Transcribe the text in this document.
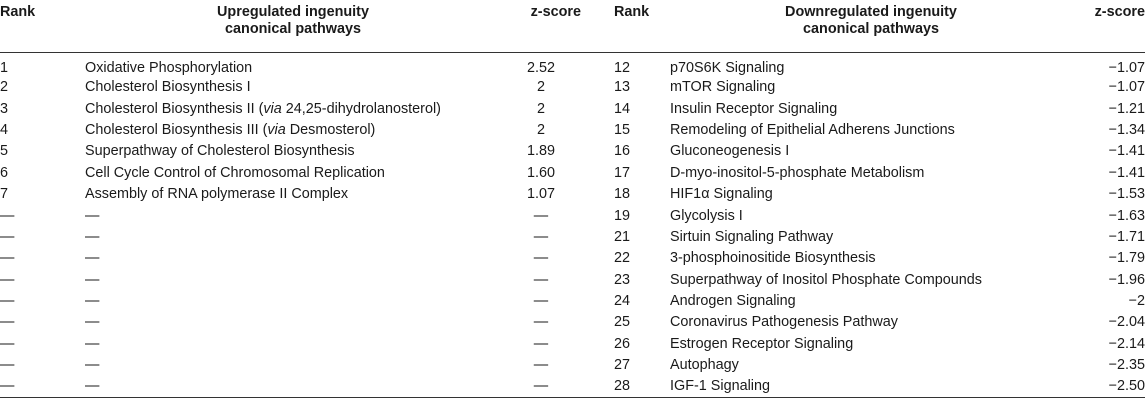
Rank	Upregulated ingenuity
canonical pathways	z-score		Rank	Downregulated ingenuity
canonical pathways	z-score
1	Oxidative Phosphorylation	2.52		12	p70S6K Signaling	−1.07
2	Cholesterol Biosynthesis I	2		13	mTOR Signaling	−1.07
3	Cholesterol Biosynthesis II (via 24,25-dihydrolanosterol)	2		14	Insulin Receptor Signaling	−1.21
4	Cholesterol Biosynthesis III (via Desmosterol)	2		15	Remodeling of Epithelial Adherens Junctions	−1.34
5	Superpathway of Cholesterol Biosynthesis	1.89		16	Gluconeogenesis I	−1.41
6	Cell Cycle Control of Chromosomal Replication	1.60		17	D-myo-inositol-5-phosphate Metabolism	−1.41
7	Assembly of RNA polymerase II Complex	1.07		18	HIF1α Signaling	−1.53
—	—	—		19	Glycolysis I	−1.63
—	—	—		21	Sirtuin Signaling Pathway	−1.71
—	—	—		22	3-phosphoinositide Biosynthesis	−1.79
—	—	—		23	Superpathway of Inositol Phosphate Compounds	−1.96
—	—	—		24	Androgen Signaling	−2
—	—	—		25	Coronavirus Pathogenesis Pathway	−2.04
—	—	—		26	Estrogen Receptor Signaling	−2.14
—	—	—		27	Autophagy	−2.35
—	—	—		28	IGF-1 Signaling	−2.50
